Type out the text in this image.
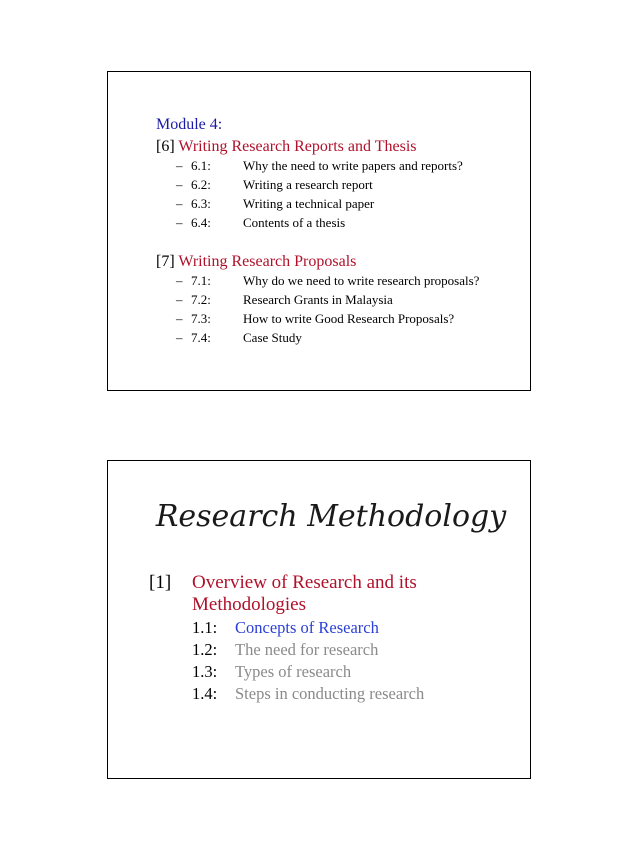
Module 4:
[6] Writing Research Reports and Thesis
– 6.1: Why the need to write papers and reports?
– 6.2: Writing a research report
– 6.3: Writing a technical paper
– 6.4: Contents of a thesis
[7] Writing Research Proposals
– 7.1: Why do we need to write research proposals?
– 7.2: Research Grants in Malaysia
– 7.3: How to write Good Research Proposals?
– 7.4: Case Study
Research Methodology
[1] Overview of Research and its
Methodologies
1.1: Concepts of Research
1.2: The need for research
1.3: Types of research
1.4: Steps in conducting research
